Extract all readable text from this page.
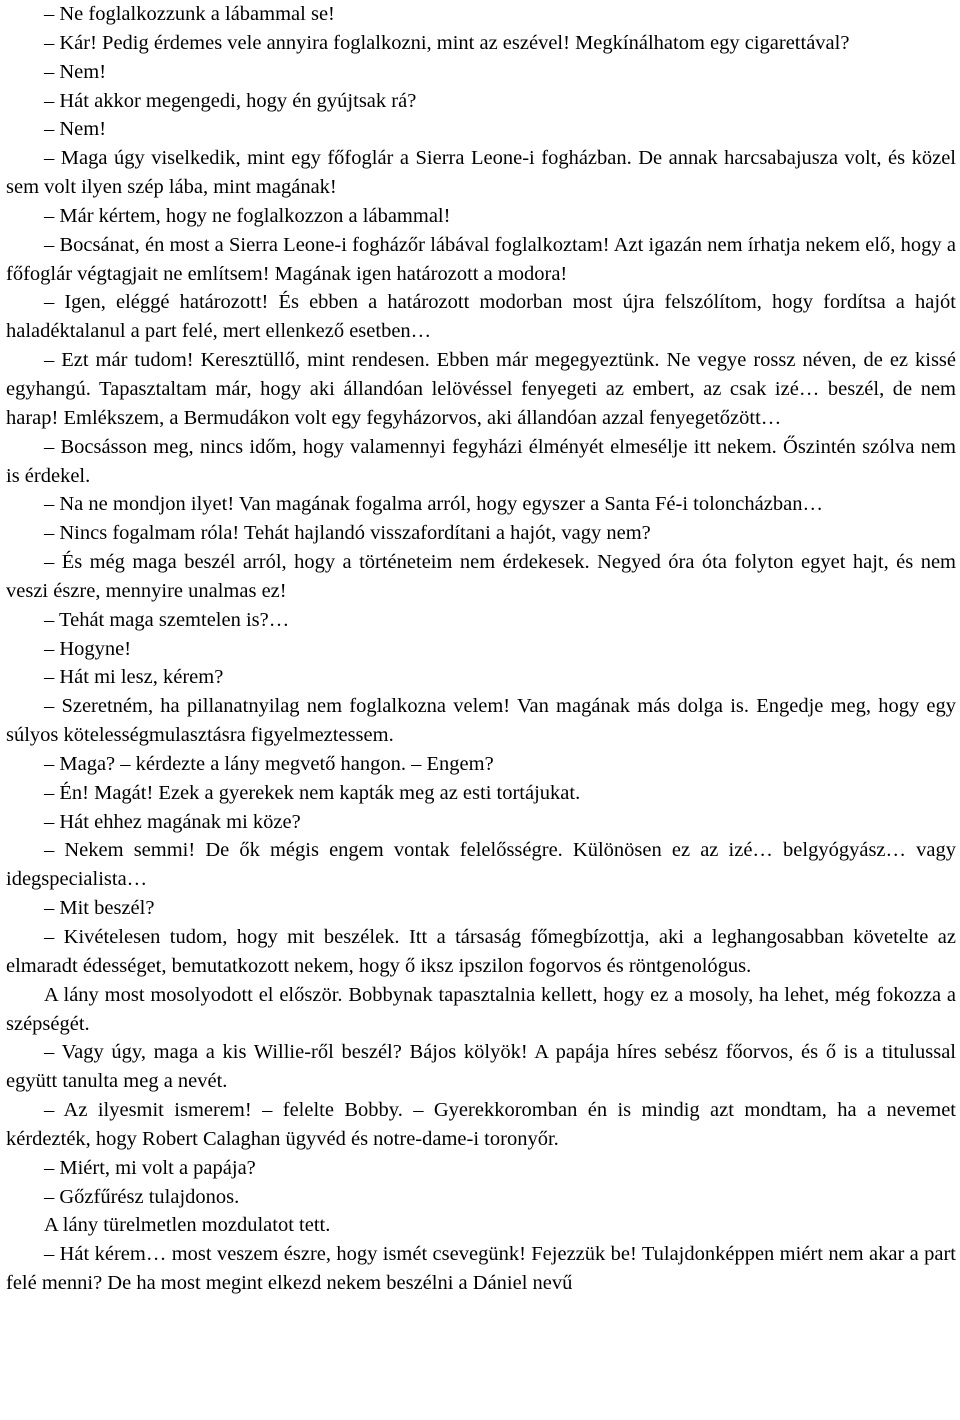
– Ne foglalkozzunk a lábammal se!

– Kár! Pedig érdemes vele annyira foglalkozni, mint az eszével! Megkínálhatom egy cigarettával?

– Nem!

– Hát akkor megengedi, hogy én gyújtsak rá?

– Nem!

– Maga úgy viselkedik, mint egy főfoglár a Sierra Leone-i fogházban. De annak harcsabajusza volt, és közel sem volt ilyen szép lába, mint magának!

– Már kértem, hogy ne foglalkozzon a lábammal!

– Bocsánat, én most a Sierra Leone-i fogházőr lábával foglalkoztam! Azt igazán nem írhatja nekem elő, hogy a főfoglár végtagjait ne említsem! Magának igen határozott a modora!

– Igen, eléggé határozott! És ebben a határozott modorban most újra felszólítom, hogy fordítsa a hajót haladéktalanul a part felé, mert ellenkező esetben…

– Ezt már tudom! Keresztüllő, mint rendesen. Ebben már megegyeztünk. Ne vegye rossz néven, de ez kissé egyhangú. Tapasztaltam már, hogy aki állandóan lelövéssel fenyegeti az embert, az csak izé… beszél, de nem harap! Emlékszem, a Bermudákon volt egy fegyházorvos, aki állandóan azzal fenyegetőzött…

– Bocsásson meg, nincs időm, hogy valamennyi fegyházi élményét elmesélje itt nekem. Őszintén szólva nem is érdekel.

– Na ne mondjon ilyet! Van magának fogalma arról, hogy egyszer a Santa Fé-i toloncházban…

– Nincs fogalmam róla! Tehát hajlandó visszafordítani a hajót, vagy nem?

– És még maga beszél arról, hogy a történeteim nem érdekesek. Negyed óra óta folyton egyet hajt, és nem veszi észre, mennyire unalmas ez!

– Tehát maga szemtelen is?…

– Hogyne!

– Hát mi lesz, kérem?

– Szeretném, ha pillanatnyilag nem foglalkozna velem! Van magának más dolga is. Engedje meg, hogy egy súlyos kötelességmulasztásra figyelmeztessem.

– Maga? – kérdezte a lány megvető hangon. – Engem?

– Én! Magát! Ezek a gyerekek nem kapták meg az esti tortájukat.

– Hát ehhez magának mi köze?

– Nekem semmi! De ők mégis engem vontak felelősségre. Különösen ez az izé… belgyógyász… vagy idegspecialista…

– Mit beszél?

– Kivételesen tudom, hogy mit beszélek. Itt a társaság főmegbízottja, aki a leghangosabban követelte az elmaradt édességet, bemutatkozott nekem, hogy ő iksz ipszilon fogorvos és röntgenológus.

A lány most mosolyodott el először. Bobbynak tapasztalnia kellett, hogy ez a mosoly, ha lehet, még fokozza a szépségét.

– Vagy úgy, maga a kis Willie-ről beszél? Bájos kölyök! A papája híres sebész főorvos, és ő is a titulussal együtt tanulta meg a nevét.

– Az ilyesmit ismerem! – felelte Bobby. – Gyerekkoromban én is mindig azt mondtam, ha a nevemet kérdezték, hogy Robert Calaghan ügyvéd és notre-dame-i toronyőr.

– Miért, mi volt a papája?

– Gőzfűrész tulajdonos.

A lány türelmetlen mozdulatot tett.

– Hát kérem… most veszem észre, hogy ismét csevegünk! Fejezzük be! Tulajdonképpen miért nem akar a part felé menni? De ha most megint elkezd nekem beszélni a Dániel nevű
